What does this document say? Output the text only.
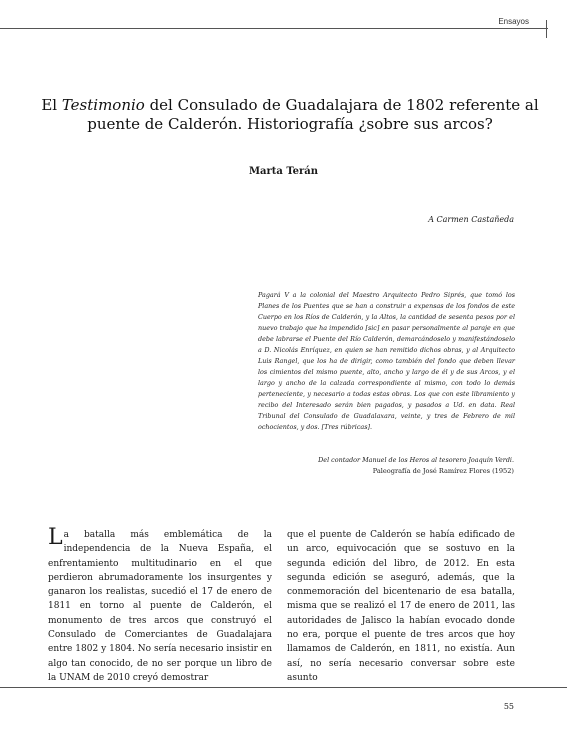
Ensayos
El Testimonio del Consulado de Guadalajara de 1802 referente al puente de Calderón. Historiografía ¿sobre sus arcos?
Marta Terán
A Carmen Castañeda
Pagará V a la colonial del Maestro Arquitecto Pedro Siprés, que tomó los Planes de los Puentes que se han a construir a expensas de los fondos de este Cuerpo en los Ríos de Calderón, y la Altos, la cantidad de sesenta pesos por el nuevo trabajo que ha impendido [sic] en pasar personalmente al paraje en que debe labrarse el Puente del Río Calderón, demarcándoselo y manifestándoselo a D. Nicolás Enríquez, en quien se han remitido dichos obras, y al Arquitecto Luis Rangel, que los ha de dirigir, como también del fondo que deben llevar los cimientos del mismo puente, alto, ancho y largo de él y de sus Arcos, y el largo y ancho de la calzada correspondiente al mismo, con todo lo demás perteneciente, y necesario a todas estas obras. Los que con este libramiento y recibo del Interesado serán bien pagados, y pasados a Ud. en data. Real Tribunal del Consulado de Guadalaxara, veinte, y tres de Febrero de mil ochocientos, y dos. [Tres rúbricas].
Del contador Manuel de los Heros al tesorero Joaquín Verdi.
Paleografía de José Ramírez Flores (1952)
La batalla más emblemática de la independencia de la Nueva España, el enfrentamiento multitudinario en el que perdieron abrumadoramente los insurgentes y ganaron los realistas, sucedió el 17 de enero de 1811 en torno al puente de Calderón, el monumento de tres arcos que construyó el Consulado de Comerciantes de Guadalajara entre 1802 y 1804. No sería necesario insistir en algo tan conocido, de no ser porque un libro de la UNAM de 2010 creyó demostrar
que el puente de Calderón se había edificado de un arco, equivocación que se sostuvo en la segunda edición del libro, de 2012. En esta segunda edición se aseguró, además, que la conmemoración del bicentenario de esa batalla, misma que se realizó el 17 de enero de 2011, las autoridades de Jalisco la habían evocado donde no era, porque el puente de tres arcos que hoy llamamos de Calderón, en 1811, no existía. Aun así, no sería necesario conversar sobre este asunto
55
